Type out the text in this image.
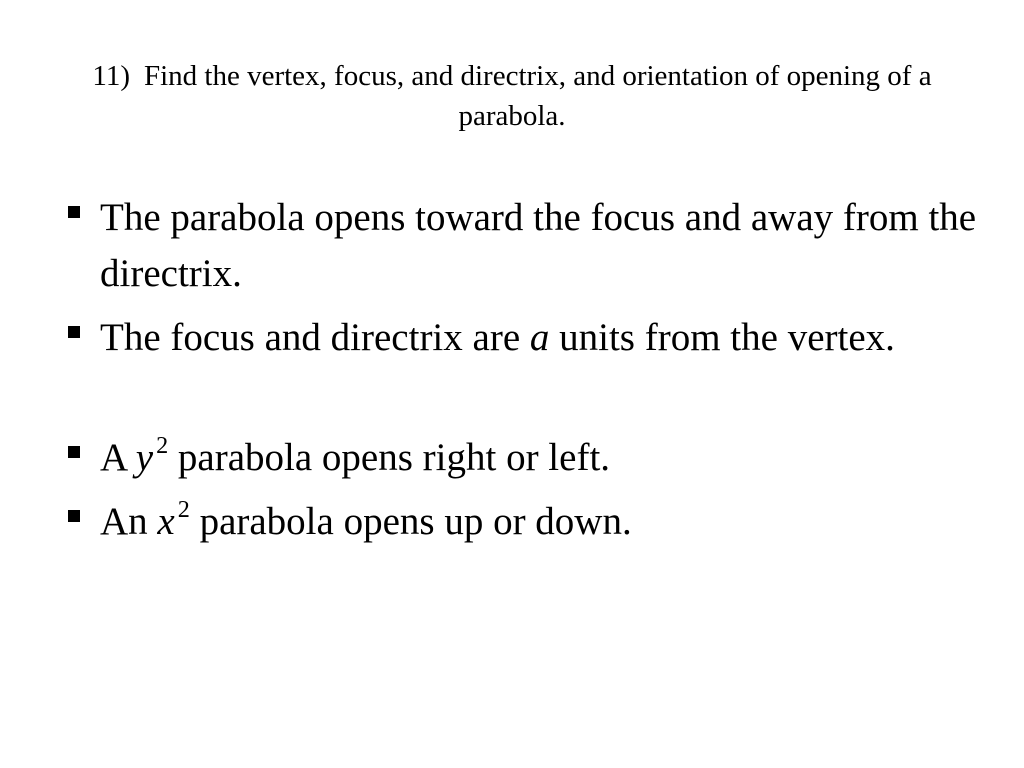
11) Find the vertex, focus, and directrix, and orientation of opening of a parabola.
The parabola opens toward the focus and away from the directrix.
The focus and directrix are a units from the vertex.
A y $^2$ parabola opens right or left.
An x $^2$ parabola opens up or down.
